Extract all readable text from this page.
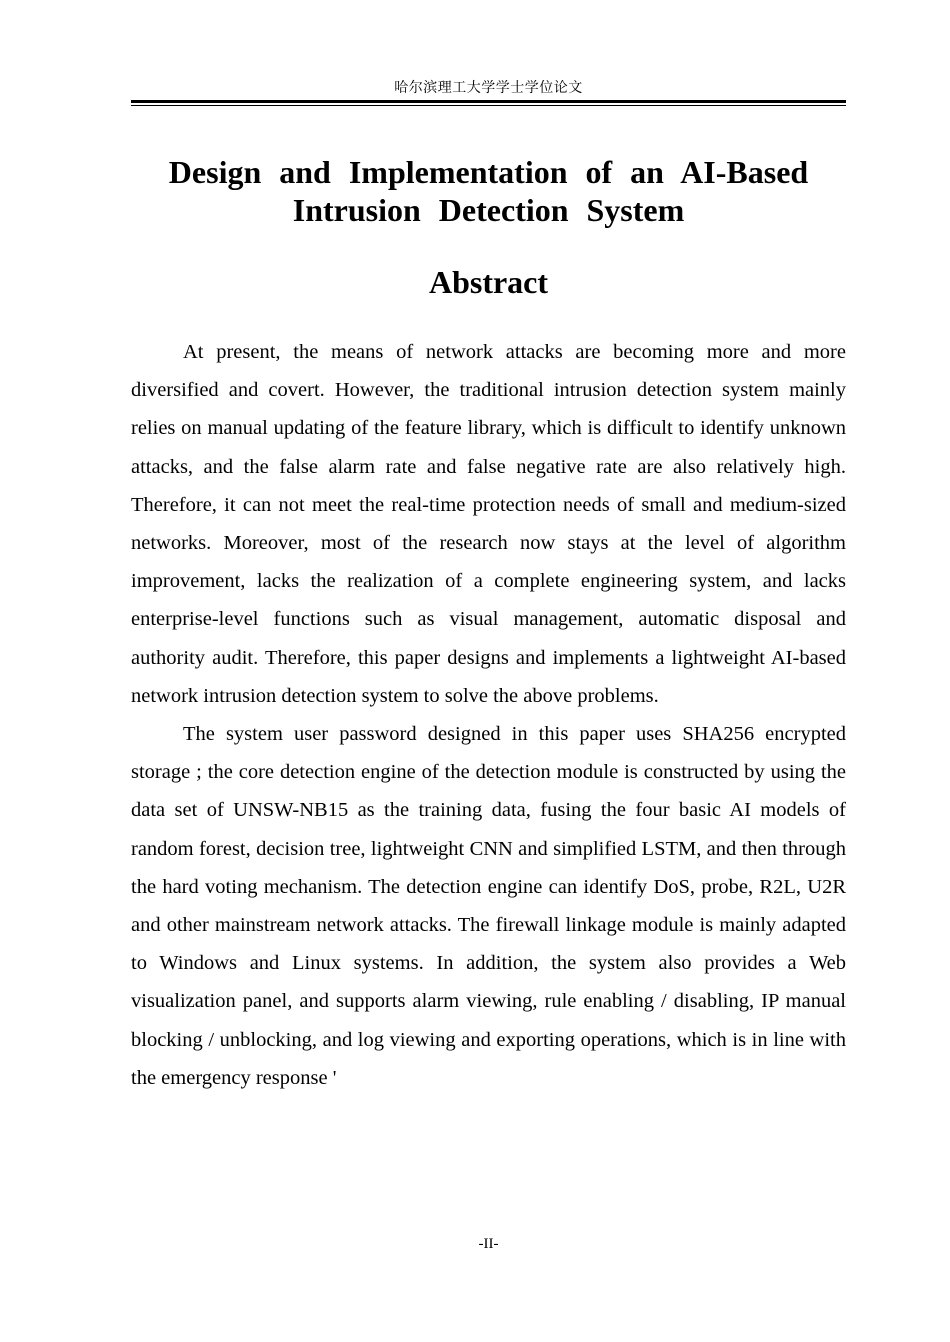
哈尔滨理工大学学士学位论文
Design and Implementation of an AI-Based Intrusion Detection System
Abstract

At present, the means of network attacks are becoming more and more diversified and covert. However, the traditional intrusion detection system mainly relies on manual updating of the feature library, which is difficult to identify unknown attacks, and the false alarm rate and false negative rate are also relatively high. Therefore, it can not meet the real-time protection needs of small and medium-sized networks. Moreover, most of the research now stays at the level of algorithm improvement, lacks the realization of a complete engineering system, and lacks enterprise-level functions such as visual management, automatic disposal and authority audit. Therefore, this paper designs and implements a lightweight AI-based network intrusion detection system to solve the above problems.

The system user password designed in this paper uses SHA256 encrypted storage ; the core detection engine of the detection module is constructed by using the data set of UNSW-NB15 as the training data, fusing the four basic AI models of random forest, decision tree, lightweight CNN and simplified LSTM, and then through the hard voting mechanism. The detection engine can identify DoS, probe, R2L, U2R and other mainstream network attacks. The firewall linkage module is mainly adapted to Windows and Linux systems. In addition, the system also provides a Web visualization panel, and supports alarm viewing, rule enabling / disabling, IP manual blocking / unblocking, and log viewing and exporting operations, which is in line with the emergency response '

-II-
